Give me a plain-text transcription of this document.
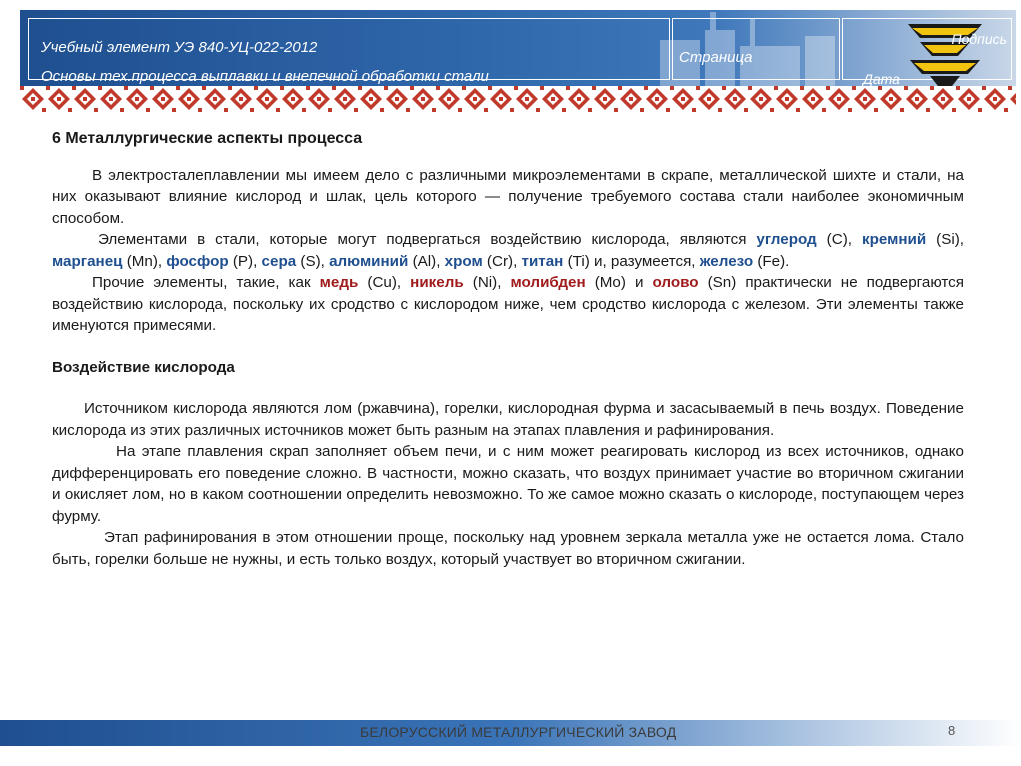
Учебный элемент УЭ 840-УЦ-022-2012
Основы тех.процесса выплавки и внепечной обработки стали
Страница
Подпись
Дата

6 Металлургические аспекты процесса

В электросталеплавлении мы имеем дело с различными микроэлементами в скрапе, металлической шихте и стали, на них оказывают влияние кислород и шлак, цель которого — получение требуемого состава стали наиболее экономичным способом.

Элементами в стали, которые могут подвергаться воздействию кислорода, являются углерод (C), кремний (Si), марганец (Mn), фосфор (P), сера (S), алюминий (Al), хром (Cr), титан (Ti) и, разумеется, железо (Fe).

Прочие элементы, такие, как медь (Cu), никель (Ni), молибден (Mo) и олово (Sn) практически не подвергаются воздействию кислорода, поскольку их сродство с кислородом ниже, чем сродство кислорода с железом. Эти элементы также именуются примесями.

Воздействие кислорода

Источником кислорода являются лом (ржавчина), горелки, кислородная фурма и засасываемый в печь воздух. Поведение кислорода из этих различных источников может быть разным на этапах плавления и рафинирования.

На этапе плавления скрап заполняет объем печи, и с ним может реагировать кислород из всех источников, однако дифференцировать его поведение сложно. В частности, можно сказать, что воздух принимает участие во вторичном сжигании и окисляет лом, но в каком соотношении определить невозможно. То же самое можно сказать о кислороде, поступающем через фурму.

Этап рафинирования в этом отношении проще, поскольку над уровнем зеркала металла уже не остается лома. Стало быть, горелки больше не нужны, и есть только воздух, который участвует во вторичном сжигании.

БЕЛОРУССКИЙ МЕТАЛЛУРГИЧЕСКИЙ ЗАВОД	8
